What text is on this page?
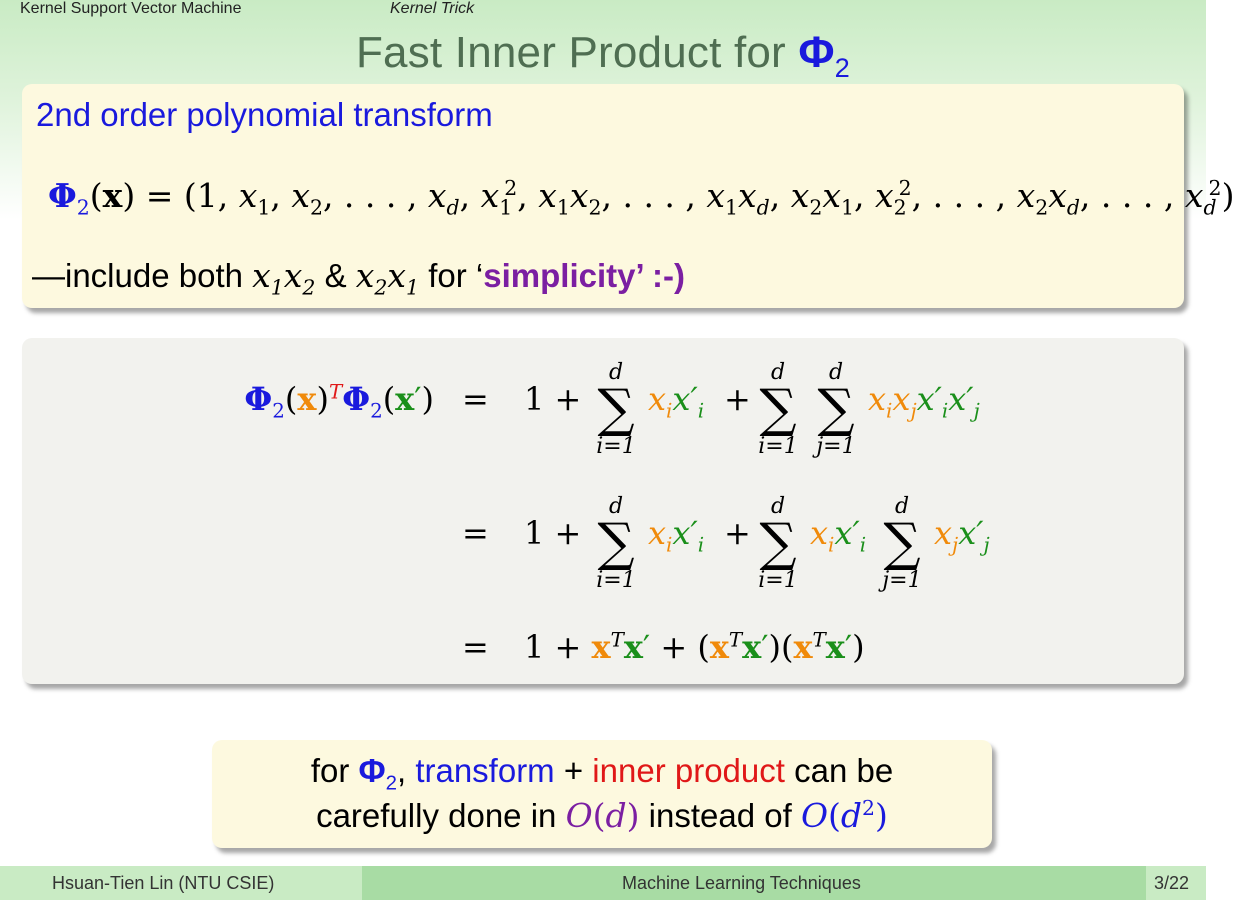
Kernel Support Vector Machine	Kernel Trick
Fast Inner Product for $\Phi_2$
2nd order polynomial transform
$\Phi_2(x) = (1$, $x_1$, $x_2$, . . . , $x_d$, $x_1^2$, $x_1x_2$, . . . , $x_1x_d$, $x_2x_1$, $x_2^2$, . . . , $x_2x_d$, . . . , $x_d^2$)
—include both $x_1x_2$ & $x_2x_1$ for ‘simplicity’ :-)
$\Phi_2(x)^T\Phi_2(x') = 1$ +
d
∑
i=1
$x_ix'_i$ +
d
∑
i=1
d
∑
j=1
$x_ix_jx'_ix'_j$
= 1 +
d
∑
i=1
$x_ix'_i$ +
d
∑
i=1
$x_ix'_i$
d
∑
j=1
$x_jx'_j$
= $1 + x^Tx' + (x^Tx')(x^Tx')$
for $\Phi_2$, transform + inner product can be
carefully done in O(d) instead of $O(d^2)$
Hsuan-Tien Lin (NTU CSIE)	Machine Learning Techniques	3/22
